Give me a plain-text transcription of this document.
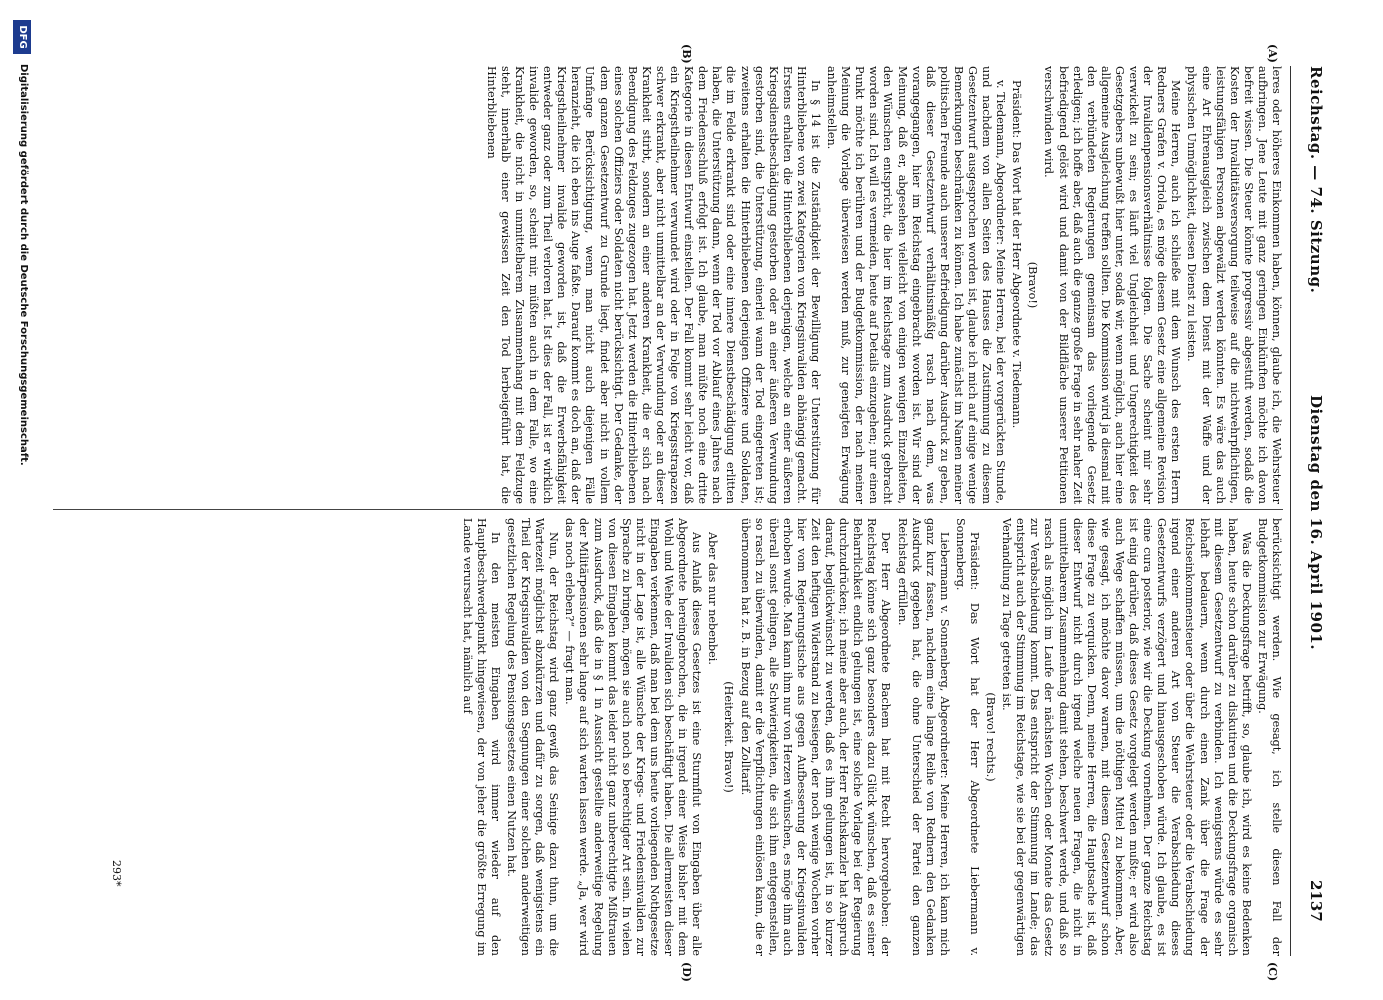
Reichstag. — 74. Sitzung.
Dienstag den 16. April 1901.
2137
(A)
(B)
(C)
(D)

leres oder höheres Einkommen haben, können, glaube ich, die Wehrsteuer aufbringen. Jene Leute mit ganz geringen Einkünften möchte ich davon befreit wissen. Die Steuer könnte progressiv abgestuft werden, sodaß die Kosten der Invaliditätsversorgung teilweise auf die nichtwehrpflichtigen, leistungsfähigen Personen abgewälzt werden könnten. Es wäre das auch eine Art Ehrenausgleich zwischen dem Dienst mit der Waffe und der physischen Unmöglichkeit, diesen Dienst zu leisten.

Meine Herren, auch ich schließe mit dem Wunsch des ersten Herrn Redners Grafen v. Oriola, es möge diesem Gesetz eine allgemeine Revision der Invalidenpensionsverhältnisse folgen. Die Sache scheint mir sehr verwickelt zu sein; es läuft viel Ungleichheit und Ungerechtigkeit des Gesetzgebers unbewußt hier unter, sodaß wir, wenn möglich, auch hier eine allgemeine Ausgleichung treffen sollten. Die Kommission wird ja diesmal mit den verbündeten Regierungen gemeinsam das vorliegende Gesetz erledigen; ich hoffe aber, daß auch die ganze große Frage in sehr naher Zeit befriedigend gelöst wird und damit von der Bildfläche unserer Petitionen verschwinden wird.

(Bravo!)

Präsident: Das Wort hat der Herr Abgeordnete v. Tiedemann.

v. Tiedemann, Abgeordneter: Meine Herren, bei der vorgerückten Stunde, und nachdem von allen Seiten des Hauses die Zustimmung zu diesem Gesetzentwurf ausgesprochen worden ist, glaube ich mich auf einige wenige Bemerkungen beschränken zu können. Ich habe zunächst im Namen meiner politischen Freunde auch unserer Befriedigung darüber Ausdruck zu geben, daß dieser Gesetzentwurf verhältnismäßig rasch nach dem, was vorangegangen, hier im Reichstag eingebracht worden ist. Wir sind der Meinung, daß er, abgesehen vielleicht von einigen wenigen Einzelheiten, den Wünschen entspricht, die hier im Reichstage zum Ausdruck gebracht worden sind. Ich will es vermeiden, heute auf Details einzugehen; nur einen Punkt möchte ich berühren und der Budgetkommission, der nach meiner Meinung die Vorlage überwiesen werden muß, zur geneigten Erwägung anheimstellen.

In § 14 ist die Zuständigkeit der Bewilligung der Unterstützung für Hinterbliebene von zwei Kategorien von Kriegsinvaliden abhängig gemacht. Erstens erhalten die Hinterbliebenen derjenigen, welche an einer äußeren Kriegsdienstbeschädigung gestorben oder an einer äußeren Verwundung gestorben sind, die Unterstützung, einerlei wann der Tod eingetreten ist; zweitens erhalten die Hinterbliebenen derjenigen Offiziere und Soldaten, die im Felde erkrankt sind oder eine innere Dienstbeschädigung erlitten haben, die Unterstützung dann, wenn der Tod vor Ablauf eines Jahres nach dem Friedensschluß erfolgt ist. Ich glaube, man müßte noch eine dritte Kategorie in diesen Entwurf einstellen. Der Fall kommt sehr leicht vor, daß ein Kriegstheilnehmer verwundet wird oder in Folge von Kriegsstrapazen schwer erkrankt, aber nicht unmittelbar an der Verwundung oder an dieser Krankheit stirbt, sondern an einer anderen Krankheit, die er sich nach Beendigung des Feldzuges zugezogen hat. Jetzt werden die Hinterbliebenen eines solchen Offiziers oder Soldaten nicht berücksichtigt. Der Gedanke, der dem ganzen Gesetzentwurf zu Grunde liegt, findet aber nicht in vollem Umfange Berücksichtigung, wenn man nicht auch diejenigen Fälle heranzieht, die ich eben ins Auge faßte. Darauf kommt es doch an, daß der Kriegstheilnehmer invalide geworden ist, daß die Erwerbsfähigkeit entweder ganz oder zum Theil verloren hat. Ist dies der Fall, ist er wirklich invalide geworden, so, scheint mir, müßten auch in dem Falle, wo eine Krankheit, die nicht in unmittelbarem Zusammenhang mit dem Feldzuge steht, innerhalb einer gewissen Zeit den Tod herbeigeführt hat, die Hinterbliebenen

berücksichtigt werden. Wie gesagt, ich stelle diesen Fall der Budgetkommission zur Erwägung.

Was die Deckungsfrage betrifft, so, glaube ich, wird es keine Bedenken haben, heute schon darüber zu diskutiren und die Deckungsfrage organisch mit diesem Gesetzentwurf zu verbinden. Ich wenigstens würde es sehr lebhaft bedauern, wenn durch einen Zank über die Frage der Reichseinkommensteuer oder über die Wehrsteuer oder die Verabschiedung irgend einer anderen Art von Steuer die Verabschiedung dieses Gesetzentwurfs verzögert und hinausgeschoben würde. Ich glaube, es ist eine cura posterior, wie wir die Deckung vornehmen. Der ganze Reichstag ist einig darüber, daß dieses Gesetz vorgelegt werden mußte; er wird also auch Wege schaffen müssen, um die nöthigen Mittel zu bekommen. Aber, wie gesagt, ich möchte davor warnen, mit diesem Gesetzentwurf schon diese Frage zu verquicken. Denn, meine Herren, die Hauptsache ist, daß dieser Entwurf nicht durch irgend welche neuen Fragen, die nicht in unmittelbarem Zusammenhang damit stehen, beschwert werde, und daß so rasch als möglich im Laufe der nächsten Wochen oder Monate das Gesetz zur Verabschiedung kommt. Das entspricht der Stimmung im Lande; das entspricht auch der Stimmung im Reichstage, wie sie bei der gegenwärtigen Verhandlung zu Tage getreten ist.

(Bravo! rechts.)

Präsident: Das Wort hat der Herr Abgeordnete Liebermann v. Sonnenberg.

Liebermann v. Sonnenberg, Abgeordneter: Meine Herren, ich kann mich ganz kurz fassen, nachdem eine lange Reihe von Rednern den Gedanken Ausdruck gegeben hat, die ohne Unterschied der Partei den ganzen Reichstag erfüllen.

Der Herr Abgeordnete Bachem hat mit Recht hervorgehoben: der Reichstag könne sich ganz besonders dazu Glück wünschen, daß es seiner Beharrlichkeit endlich gelungen ist, eine solche Vorlage bei der Regierung durchzudrücken; ich meine aber auch, der Herr Reichskanzler hat Anspruch darauf, beglückwünscht zu werden, daß es ihm gelungen ist, in so kurzer Zeit den heftigen Widerstand zu besiegen, der noch wenige Wochen vorher hier vom Regierungstische aus gegen Aufbesserung der Kriegsinvaliden erhoben wurde. Man kann ihm nur von Herzen wünschen, es möge ihm auch überall sonst gelingen, alle Schwierigkeiten, die sich ihm entgegenstellen, so rasch zu überwinden, damit er die Verpflichtungen einlösen kann, die er übernommen hat z. B. in Bezug auf den Zolltarif.

(Heiterkeit. Bravo!)

Aber das nur nebenbei.

Aus Anlaß dieses Gesetzes ist eine Sturmflut von Eingaben über alle Abgeordnete hereingebrochen, die in irgend einer Weise bisher mit dem Wohl und Wehe der Invaliden sich beschäftigt haben. Die allermeisten dieser Eingaben verkennen, daß man bei dem uns heute vorliegenden Nothgesetze nicht in der Lage ist, alle Wünsche der Kriegs- und Friedensinvaliden zur Sprache zu bringen, mögen sie auch noch so berechtigter Art sein. In vielen von diesen Eingaben kommt das leider nicht ganz unberechtigte Mißtrauen zum Ausdruck, daß die in § 1 in Aussicht gestellte anderweitige Regelung der Militärpensionen sehr lange auf sich warten lassen werde. „Ja, wer wird das noch erleben?“ — fragt man.

Nun, der Reichstag wird ganz gewiß das Seinige dazu thun, um die Wartezeit möglichst abzukürzen und dafür zu sorgen, daß wenigstens ein Theil der Kriegsinvaliden von den Segnungen einer solchen anderweitigen gesetzlichen Regelung des Pensionsgesetzes einen Nutzen hat.

In den meisten Eingaben wird immer wieder auf den Hauptbeschwerdepunkt hingewiesen, der von jeher die größte Erregung im Lande verursacht hat, nämlich auf

293*
DFG
Digitalisierung gefördert durch die Deutsche Forschungsgemeinschaft.
